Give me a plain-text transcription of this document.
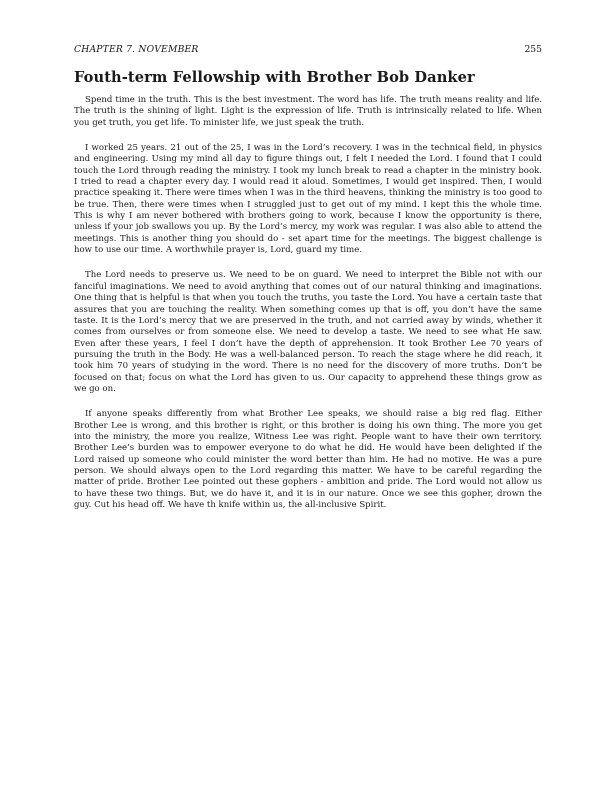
CHAPTER 7. NOVEMBER	255
Fouth-term Fellowship with Brother Bob Danker

Spend time in the truth. This is the best investment. The word has life. The truth means reality and life. The truth is the shining of light. Light is the expression of life. Truth is intrinsically related to life. When you get truth, you get life. To minister life, we just speak the truth.

I worked 25 years. 21 out of the 25, I was in the Lord’s recovery. I was in the technical field, in physics and engineering. Using my mind all day to figure things out, I felt I needed the Lord. I found that I could touch the Lord through reading the ministry. I took my lunch break to read a chapter in the ministry book. I tried to read a chapter every day. I would read it aloud. Sometimes, I would get inspired. Then, I would practice speaking it. There were times when I was in the third heavens, thinking the ministry is too good to be true. Then, there were times when I struggled just to get out of my mind. I kept this the whole time. This is why I am never bothered with brothers going to work, because I know the opportunity is there, unless if your job swallows you up. By the Lord’s mercy, my work was regular. I was also able to attend the meetings. This is another thing you should do - set apart time for the meetings. The biggest challenge is how to use our time. A worthwhile prayer is, Lord, guard my time.

The Lord needs to preserve us. We need to be on guard. We need to interpret the Bible not with our fanciful imaginations. We need to avoid anything that comes out of our natural thinking and imaginations. One thing that is helpful is that when you touch the truths, you taste the Lord. You have a certain taste that assures that you are touching the reality. When something comes up that is off, you don’t have the same taste. It is the Lord’s mercy that we are preserved in the truth, and not carried away by winds, whether it comes from ourselves or from someone else. We need to develop a taste. We need to see what He saw. Even after these years, I feel I don’t have the depth of apprehension. It took Brother Lee 70 years of pursuing the truth in the Body. He was a well-balanced person. To reach the stage where he did reach, it took him 70 years of studying in the word. There is no need for the discovery of more truths. Don’t be focused on that; focus on what the Lord has given to us. Our capacity to apprehend these things grow as we go on.

If anyone speaks differently from what Brother Lee speaks, we should raise a big red flag. Either Brother Lee is wrong, and this brother is right, or this brother is doing his own thing. The more you get into the ministry, the more you realize, Witness Lee was right. People want to have their own territory. Brother Lee’s burden was to empower everyone to do what he did. He would have been delighted if the Lord raised up someone who could minister the word better than him. He had no motive. He was a pure person. We should always open to the Lord regarding this matter. We have to be careful regarding the matter of pride. Brother Lee pointed out these gophers - ambition and pride. The Lord would not allow us to have these two things. But, we do have it, and it is in our nature. Once we see this gopher, drown the guy. Cut his head off. We have th knife within us, the all-inclusive Spirit.
